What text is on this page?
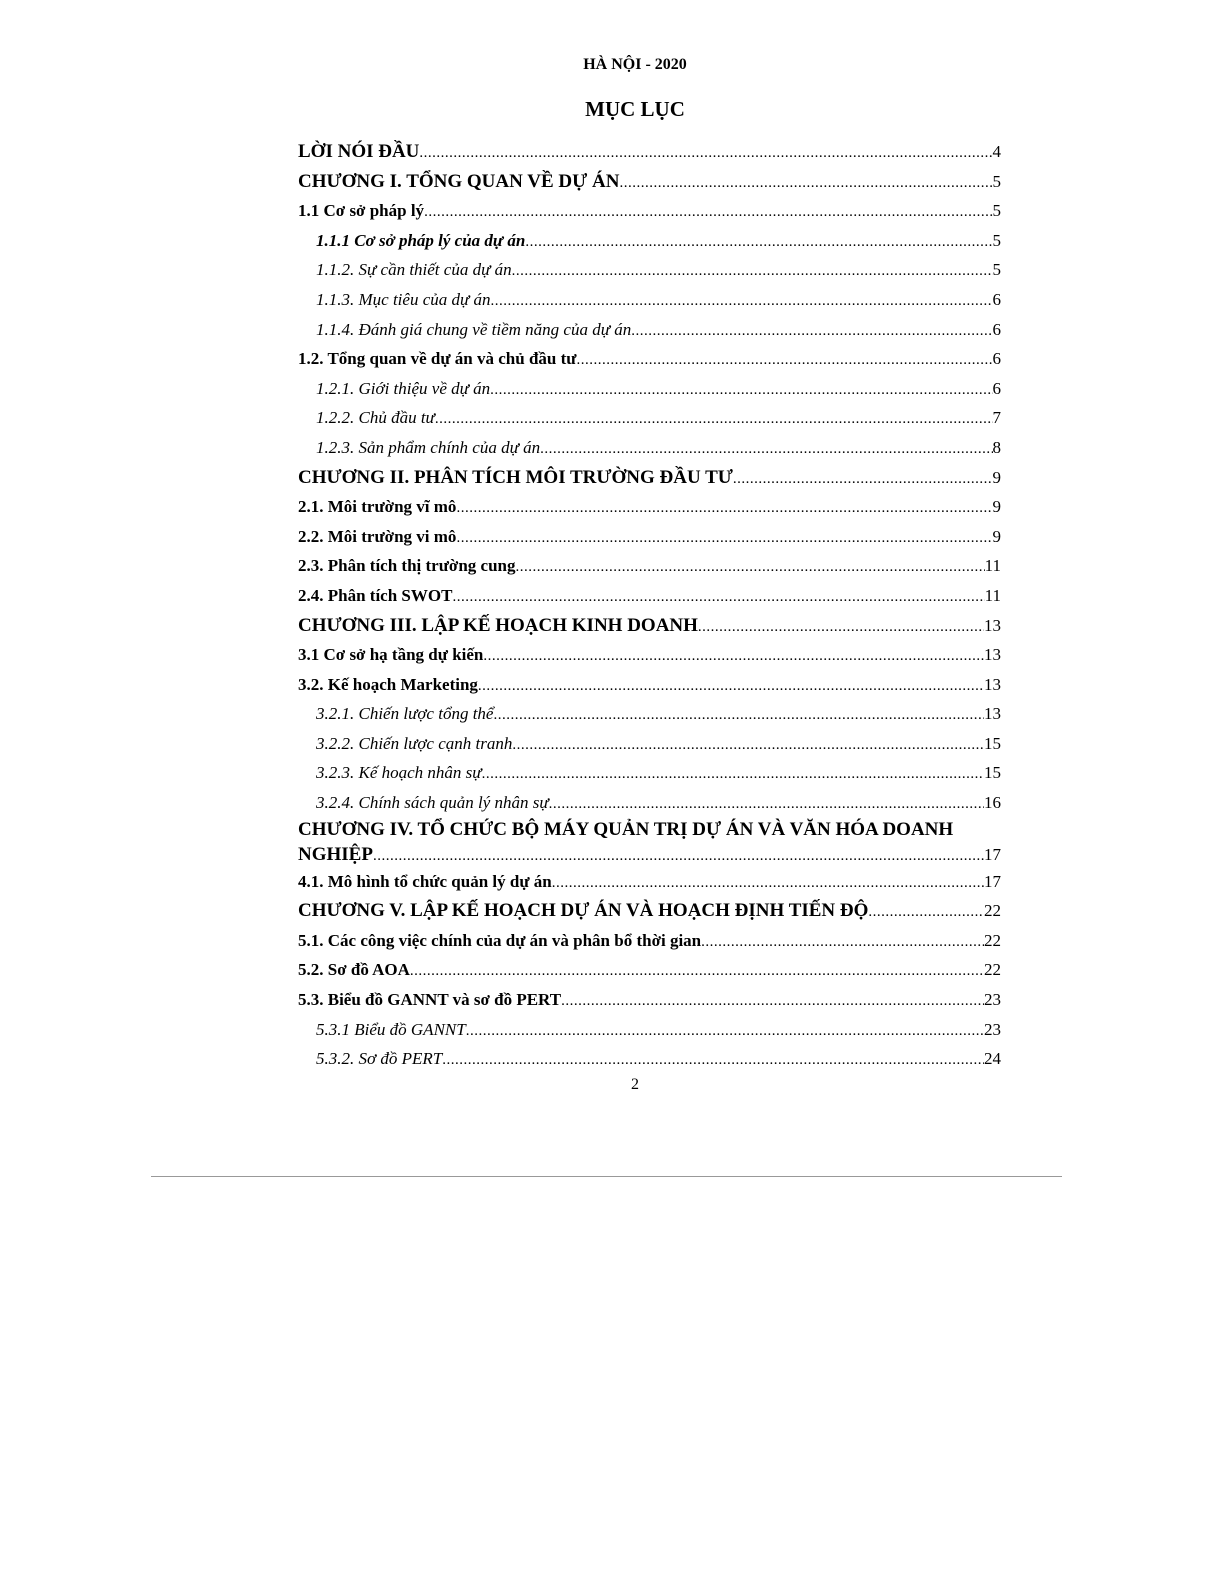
HÀ NỘI - 2020
MỤC LỤC
LỜI NÓI ĐẦU .....	4
CHƯƠNG I. TỔNG QUAN VỀ DỰ ÁN .....	5
1.1 Cơ sở pháp lý .....	5
1.1.1 Cơ sở pháp lý của dự án .....	5
1.1.2. Sự cần thiết của dự án .....	5
1.1.3. Mục tiêu của dự án .....	6
1.1.4. Đánh giá chung về tiềm năng của dự án .....	6
1.2. Tổng quan về dự án và chủ đầu tư .....	6
1.2.1. Giới thiệu về dự án .....	6
1.2.2. Chủ đầu tư .....	7
1.2.3. Sản phẩm chính của dự án .....	8
CHƯƠNG II. PHÂN TÍCH MÔI TRƯỜNG ĐẦU TƯ .....	9
2.1. Môi trường vĩ mô .....	9
2.2. Môi trường vi mô .....	9
2.3. Phân tích thị trường cung .....	11
2.4. Phân tích SWOT .....	11
CHƯƠNG III. LẬP KẾ HOẠCH KINH DOANH .....	13
3.1 Cơ sở hạ tầng dự kiến .....	13
3.2. Kế hoạch Marketing .....	13
3.2.1. Chiến lược tổng thể .....	13
3.2.2. Chiến lược cạnh tranh .....	15
3.2.3. Kế hoạch nhân sự .....	15
3.2.4. Chính sách quản lý nhân sự .....	16
CHƯƠNG IV. TỔ CHỨC BỘ MÁY QUẢN TRỊ DỰ ÁN VÀ VĂN HÓA DOANH
NGHIỆP .....	17
4.1. Mô hình tổ chức quản lý dự án .....	17
CHƯƠNG V. LẬP KẾ HOẠCH DỰ ÁN VÀ HOẠCH ĐỊNH TIẾN ĐỘ .....	22
5.1. Các công việc chính của dự án và phân bổ thời gian .....	22
5.2. Sơ đồ AOA .....	22
5.3. Biểu đồ GANNT và sơ đồ PERT .....	23
5.3.1 Biểu đồ GANNT .....	23
5.3.2. Sơ đồ PERT .....	24
2
